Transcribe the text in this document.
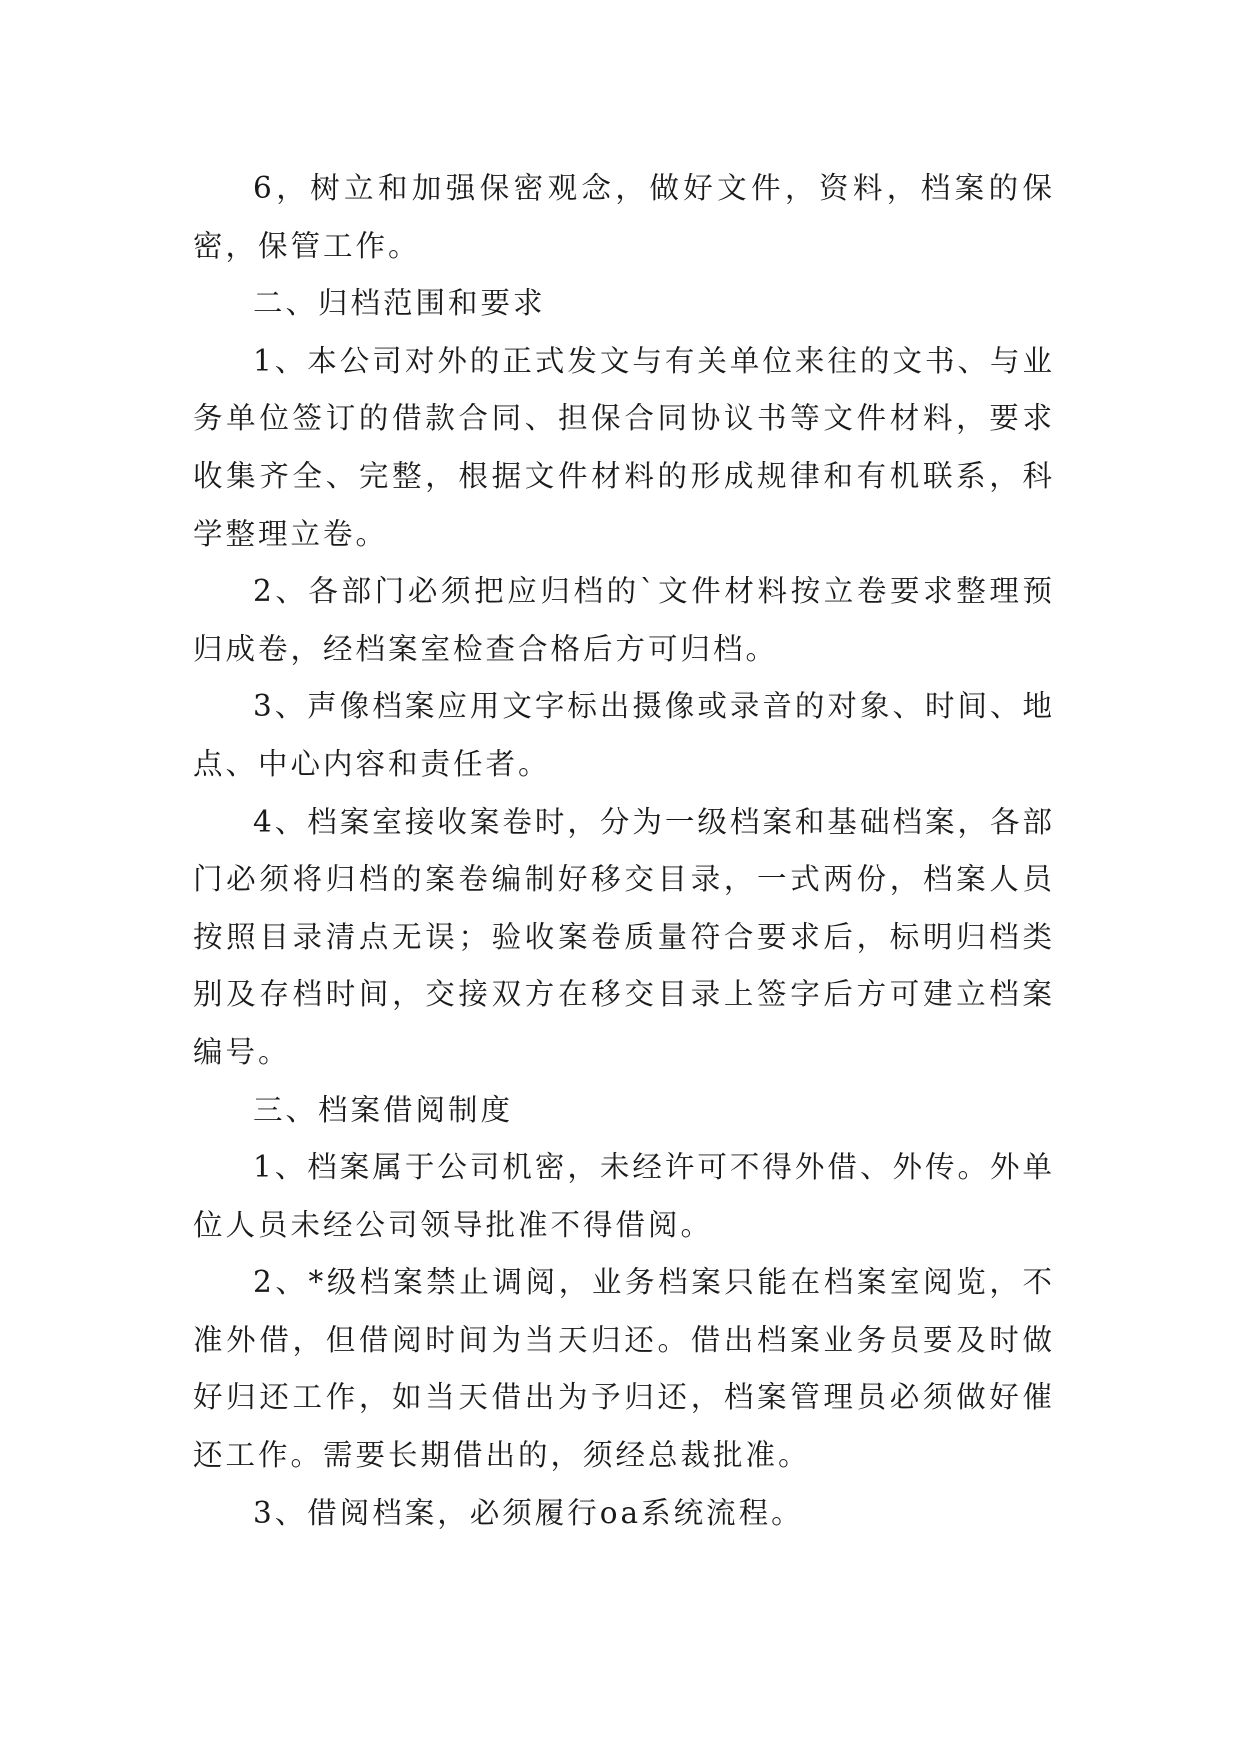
6，树立和加强保密观念，做好文件，资料，档案的保密，保管工作。

二、归档范围和要求

1、本公司对外的正式发文与有关单位来往的文书、与业务单位签订的借款合同、担保合同协议书等文件材料，要求收集齐全、完整，根据文件材料的形成规律和有机联系，科学整理立卷。

2、各部门必须把应归档的`文件材料按立卷要求整理预归成卷，经档案室检查合格后方可归档。

3、声像档案应用文字标出摄像或录音的对象、时间、地点、中心内容和责任者。

4、档案室接收案卷时，分为一级档案和基础档案，各部门必须将归档的案卷编制好移交目录，一式两份，档案人员按照目录清点无误；验收案卷质量符合要求后，标明归档类别及存档时间，交接双方在移交目录上签字后方可建立档案编号。

三、档案借阅制度

1、档案属于公司机密，未经许可不得外借、外传。外单位人员未经公司领导批准不得借阅。

2、*级档案禁止调阅，业务档案只能在档案室阅览，不准外借，但借阅时间为当天归还。借出档案业务员要及时做好归还工作，如当天借出为予归还，档案管理员必须做好催还工作。需要长期借出的，须经总裁批准。

3、借阅档案，必须履行oa系统流程。
